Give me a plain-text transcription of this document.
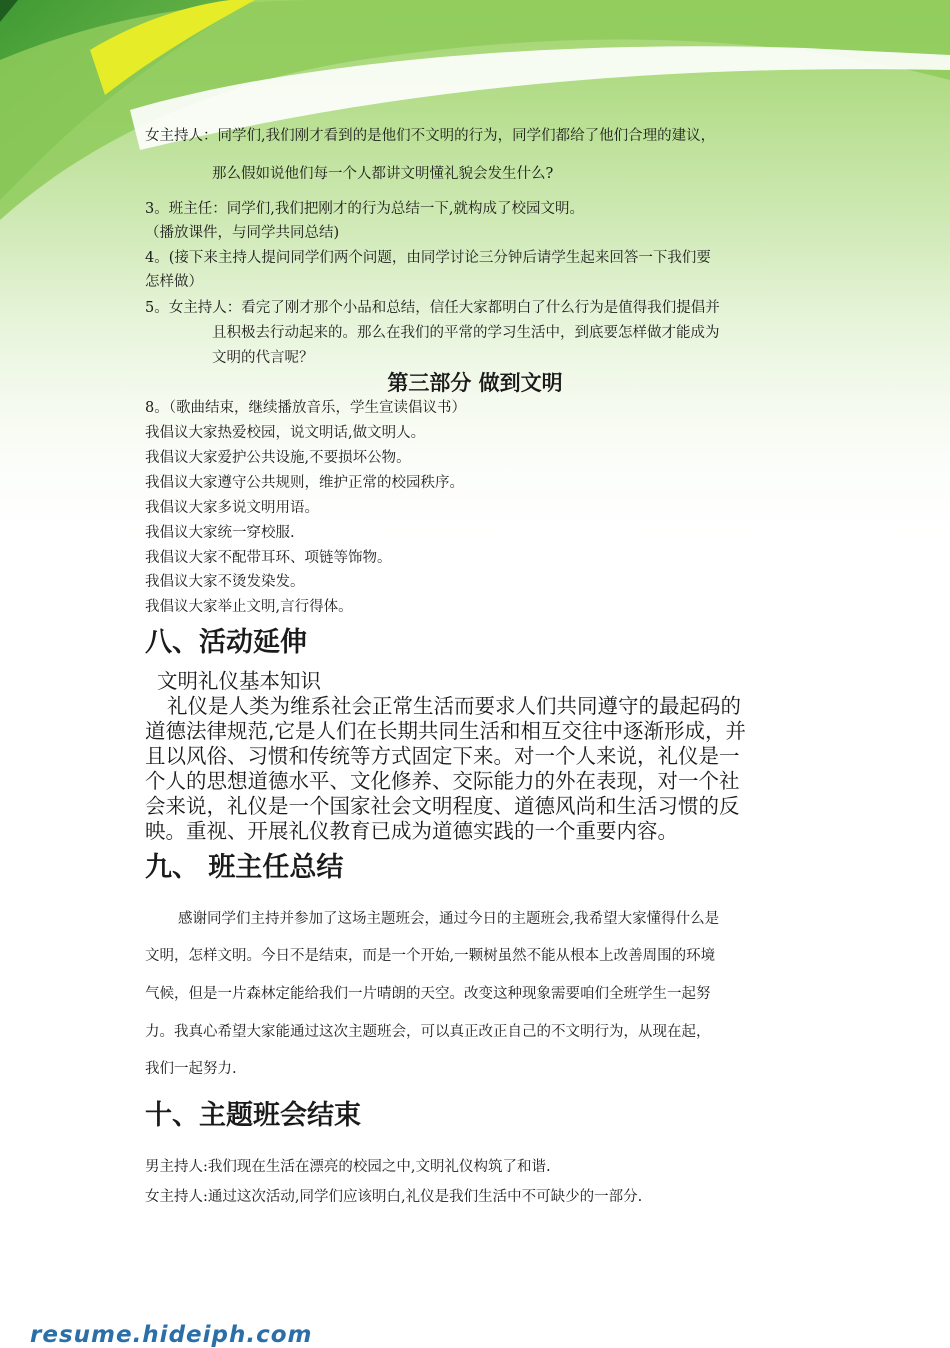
女主持人：同学们,我们刚才看到的是他们不文明的行为，同学们都给了他们合理的建议，
那么假如说他们每一个人都讲文明懂礼貌会发生什么?
3。班主任：同学们,我们把刚才的行为总结一下,就构成了校园文明。
（播放课件，与同学共同总结)
4。(接下来主持人提问同学们两个问题，由同学讨论三分钟后请学生起来回答一下我们要
怎样做）
5。女主持人：看完了刚才那个小品和总结，信任大家都明白了什么行为是值得我们提倡并
且积极去行动起来的。那么在我们的平常的学习生活中，到底要怎样做才能成为
文明的代言呢？
第三部分 做到文明
8。（歌曲结束，继续播放音乐，学生宣读倡议书）
我倡议大家热爱校园，说文明话,做文明人。
我倡议大家爱护公共设施,不要损坏公物。
我倡议大家遵守公共规则，维护正常的校园秩序。
我倡议大家多说文明用语。
我倡议大家统一穿校服.
我倡议大家不配带耳环、项链等饰物。
我倡议大家不烫发染发。
我倡议大家举止文明,言行得体。
八、活动延伸
文明礼仪基本知识
礼仪是人类为维系社会正常生活而要求人们共同遵守的最起码的
道德法律规范,它是人们在长期共同生活和相互交往中逐渐形成，并
且以风俗、习惯和传统等方式固定下来。对一个人来说，礼仪是一
个人的思想道德水平、文化修养、交际能力的外在表现，对一个社
会来说，礼仪是一个国家社会文明程度、道德风尚和生活习惯的反
映。重视、开展礼仪教育已成为道德实践的一个重要内容。
九、 班主任总结
感谢同学们主持并参加了这场主题班会，通过今日的主题班会,我希望大家懂得什么是
文明，怎样文明。今日不是结束，而是一个开始,一颗树虽然不能从根本上改善周围的环境
气候，但是一片森林定能给我们一片晴朗的天空。改变这种现象需要咱们全班学生一起努
力。我真心希望大家能通过这次主题班会，可以真正改正自己的不文明行为，从现在起，
我们一起努力.
十、主题班会结束
男主持人:我们现在生活在漂亮的校园之中,文明礼仪构筑了和谐.
女主持人:通过这次活动,同学们应该明白,礼仪是我们生活中不可缺少的一部分.
resume.hideiph.com
